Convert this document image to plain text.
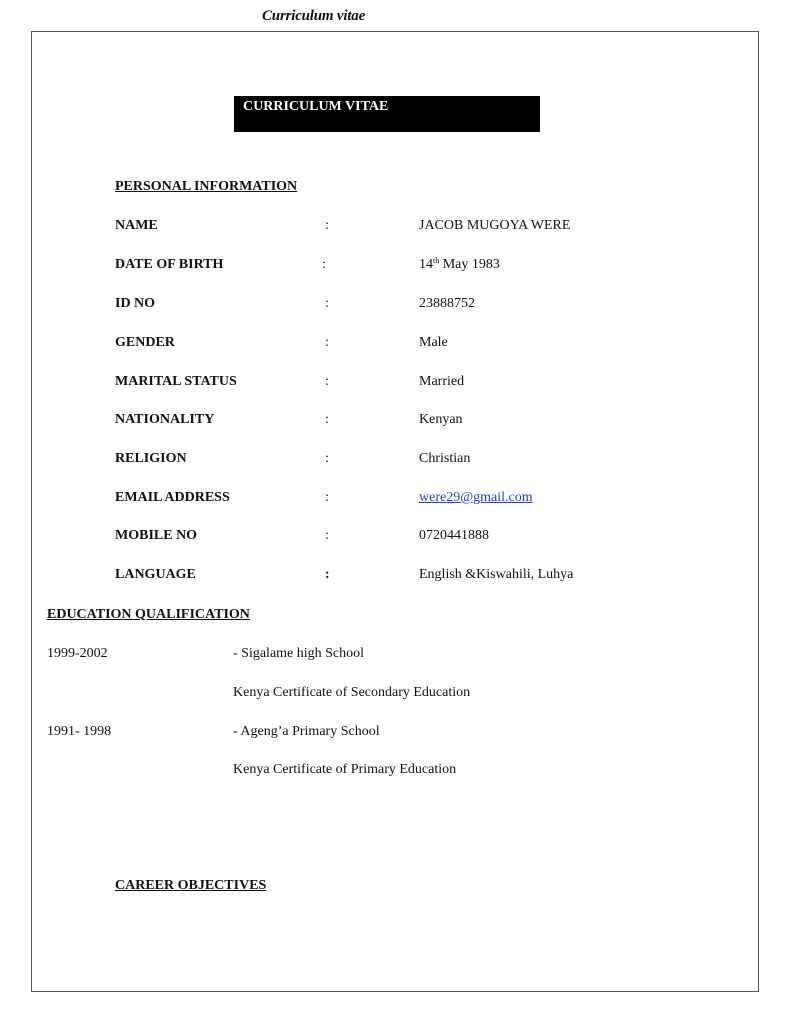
Curriculum vitae
CURRICULUM VITAE
PERSONAL INFORMATION
NAME	:	JACOB MUGOYA WERE
DATE OF BIRTH	:	14th May 1983
ID NO	:	23888752
GENDER	:	Male
MARITAL STATUS	:	Married
NATIONALITY	:	Kenyan
RELIGION	:	Christian
EMAIL ADDRESS	:	were29@gmail.com
MOBILE NO	:	0720441888
LANGUAGE	:	English &Kiswahili, Luhya
EDUCATION QUALIFICATION
1999-2002	- Sigalame high School
Kenya Certificate of Secondary Education
1991- 1998	- Ageng’a Primary School
Kenya Certificate of Primary Education
CAREER OBJECTIVES
